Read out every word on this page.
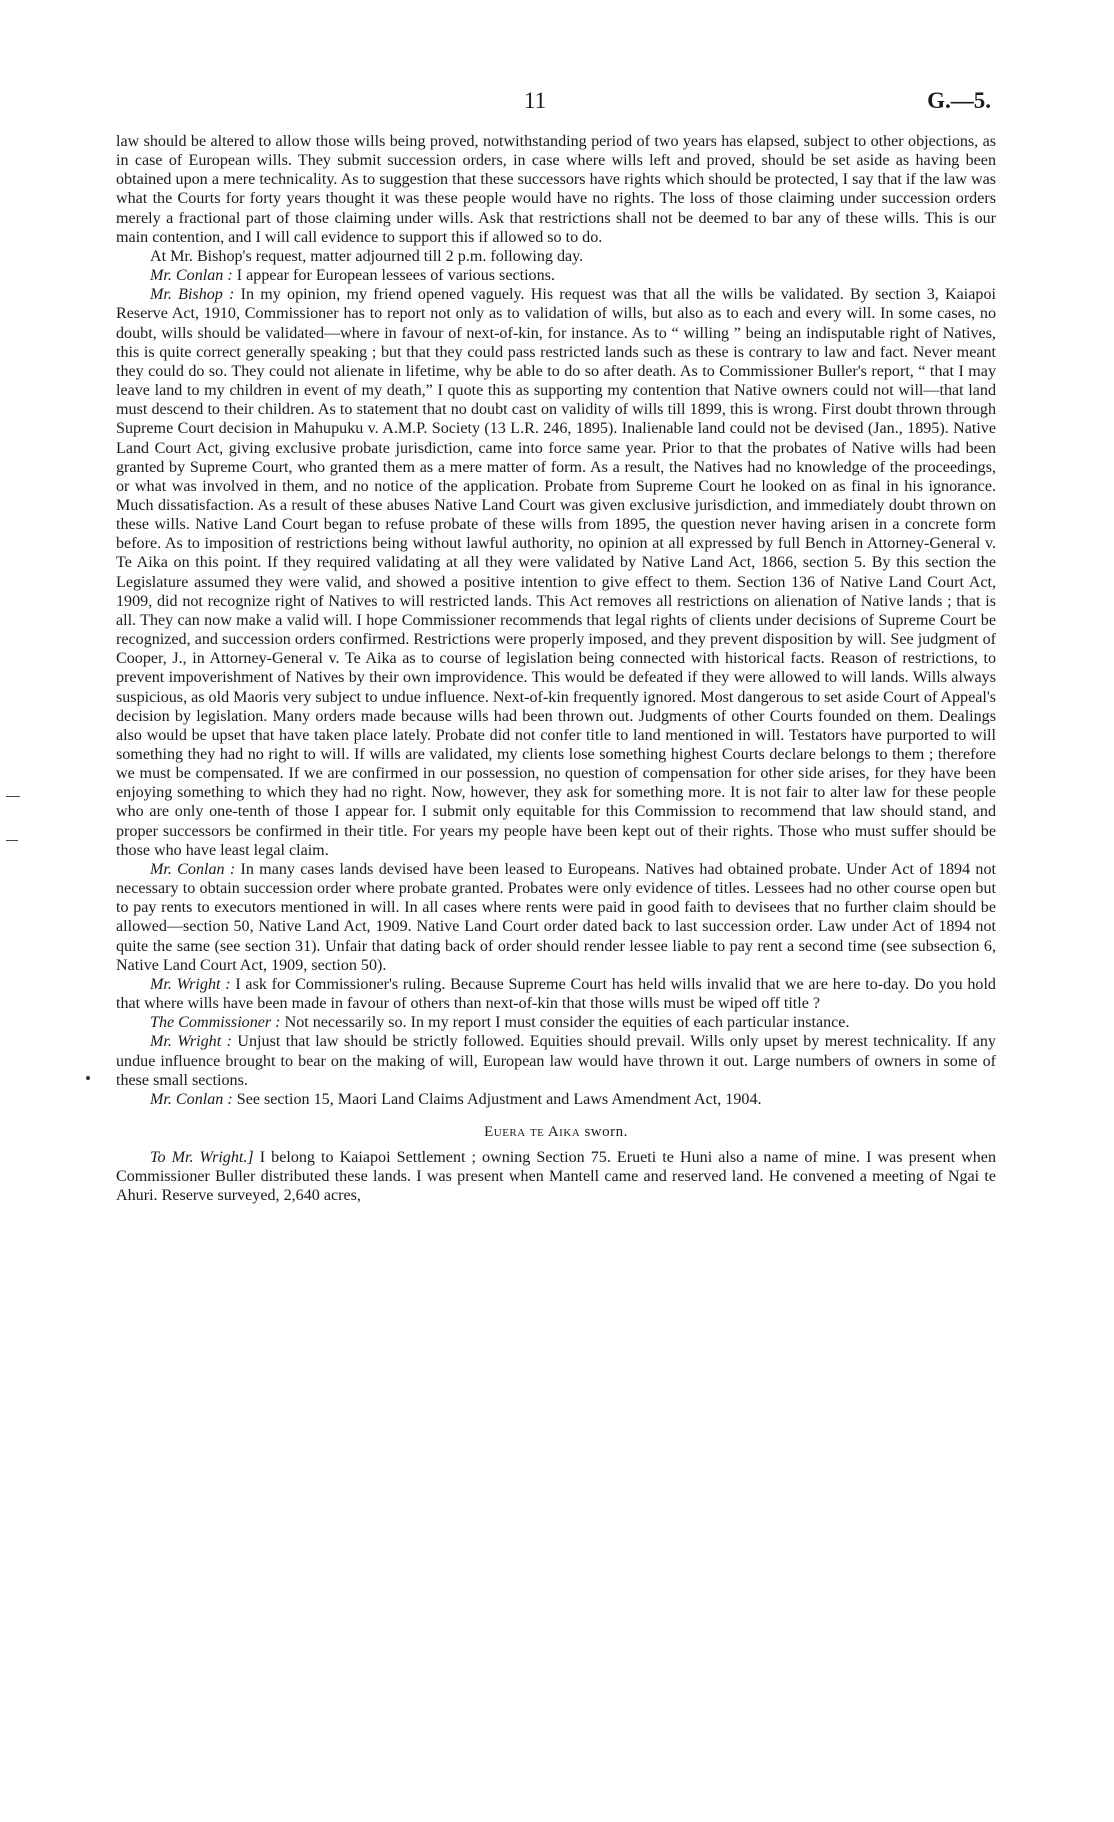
11	G.—5.

law should be altered to allow those wills being proved, notwithstanding period of two years has elapsed, subject to other objections, as in case of European wills. They submit succession orders, in case where wills left and proved, should be set aside as having been obtained upon a mere technicality. As to suggestion that these successors have rights which should be protected, I say that if the law was what the Courts for forty years thought it was these people would have no rights. The loss of those claiming under succession orders merely a fractional part of those claiming under wills. Ask that restrictions shall not be deemed to bar any of these wills. This is our main contention, and I will call evidence to support this if allowed so to do.

At Mr. Bishop's request, matter adjourned till 2 p.m. following day.

Mr. Conlan : I appear for European lessees of various sections.

Mr. Bishop : In my opinion, my friend opened vaguely. His request was that all the wills be validated. By section 3, Kaiapoi Reserve Act, 1910, Commissioner has to report not only as to validation of wills, but also as to each and every will. In some cases, no doubt, wills should be validated—where in favour of next-of-kin, for instance. As to “ willing ” being an indisputable right of Natives, this is quite correct generally speaking ; but that they could pass restricted lands such as these is contrary to law and fact. Never meant they could do so. They could not alienate in lifetime, why be able to do so after death. As to Commissioner Buller's report, “ that I may leave land to my children in event of my death,” I quote this as supporting my contention that Native owners could not will—that land must descend to their children. As to statement that no doubt cast on validity of wills till 1899, this is wrong. First doubt thrown through Supreme Court decision in Mahupuku v. A.M.P. Society (13 L.R. 246, 1895). Inalienable land could not be devised (Jan., 1895). Native Land Court Act, giving exclusive probate jurisdiction, came into force same year. Prior to that the probates of Native wills had been granted by Supreme Court, who granted them as a mere matter of form. As a result, the Natives had no knowledge of the proceedings, or what was involved in them, and no notice of the application. Probate from Supreme Court he looked on as final in his ignorance. Much dissatisfaction. As a result of these abuses Native Land Court was given exclusive jurisdiction, and immediately doubt thrown on these wills. Native Land Court began to refuse probate of these wills from 1895, the question never having arisen in a concrete form before. As to imposition of restrictions being without lawful authority, no opinion at all expressed by full Bench in Attorney-General v. Te Aika on this point. If they required validating at all they were validated by Native Land Act, 1866, section 5. By this section the Legislature assumed they were valid, and showed a positive intention to give effect to them. Section 136 of Native Land Court Act, 1909, did not recognize right of Natives to will restricted lands. This Act removes all restrictions on alienation of Native lands ; that is all. They can now make a valid will. I hope Commissioner recommends that legal rights of clients under decisions of Supreme Court be recognized, and succession orders confirmed. Restrictions were properly imposed, and they prevent disposition by will. See judgment of Cooper, J., in Attorney-General v. Te Aika as to course of legislation being connected with historical facts. Reason of restrictions, to prevent impoverishment of Natives by their own improvidence. This would be defeated if they were allowed to will lands. Wills always suspicious, as old Maoris very subject to undue influence. Next-of-kin frequently ignored. Most dangerous to set aside Court of Appeal's decision by legislation. Many orders made because wills had been thrown out. Judgments of other Courts founded on them. Dealings also would be upset that have taken place lately. Probate did not confer title to land mentioned in will. Testators have purported to will something they had no right to will. If wills are validated, my clients lose something highest Courts declare belongs to them ; therefore we must be compensated. If we are confirmed in our possession, no question of compensation for other side arises, for they have been enjoying something to which they had no right. Now, however, they ask for something more. It is not fair to alter law for these people who are only one-tenth of those I appear for. I submit only equitable for this Commission to recommend that law should stand, and proper successors be confirmed in their title. For years my people have been kept out of their rights. Those who must suffer should be those who have least legal claim.

Mr. Conlan : In many cases lands devised have been leased to Europeans. Natives had obtained probate. Under Act of 1894 not necessary to obtain succession order where probate granted. Probates were only evidence of titles. Lessees had no other course open but to pay rents to executors mentioned in will. In all cases where rents were paid in good faith to devisees that no further claim should be allowed—section 50, Native Land Act, 1909. Native Land Court order dated back to last succession order. Law under Act of 1894 not quite the same (see section 31). Unfair that dating back of order should render lessee liable to pay rent a second time (see subsection 6, Native Land Court Act, 1909, section 50).

Mr. Wright : I ask for Commissioner's ruling. Because Supreme Court has held wills invalid that we are here to-day. Do you hold that where wills have been made in favour of others than next-of-kin that those wills must be wiped off title ?

The Commissioner : Not necessarily so. In my report I must consider the equities of each particular instance.

Mr. Wright : Unjust that law should be strictly followed. Equities should prevail. Wills only upset by merest technicality. If any undue influence brought to bear on the making of will, European law would have thrown it out. Large numbers of owners in some of these small sections.

Mr. Conlan : See section 15, Maori Land Claims Adjustment and Laws Amendment Act, 1904.

Euera te Aika sworn.

To Mr. Wright.] I belong to Kaiapoi Settlement ; owning Section 75. Erueti te Huni also a name of mine. I was present when Commissioner Buller distributed these lands. I was present when Mantell came and reserved land. He convened a meeting of Ngai te Ahuri. Reserve surveyed, 2,640 acres,
